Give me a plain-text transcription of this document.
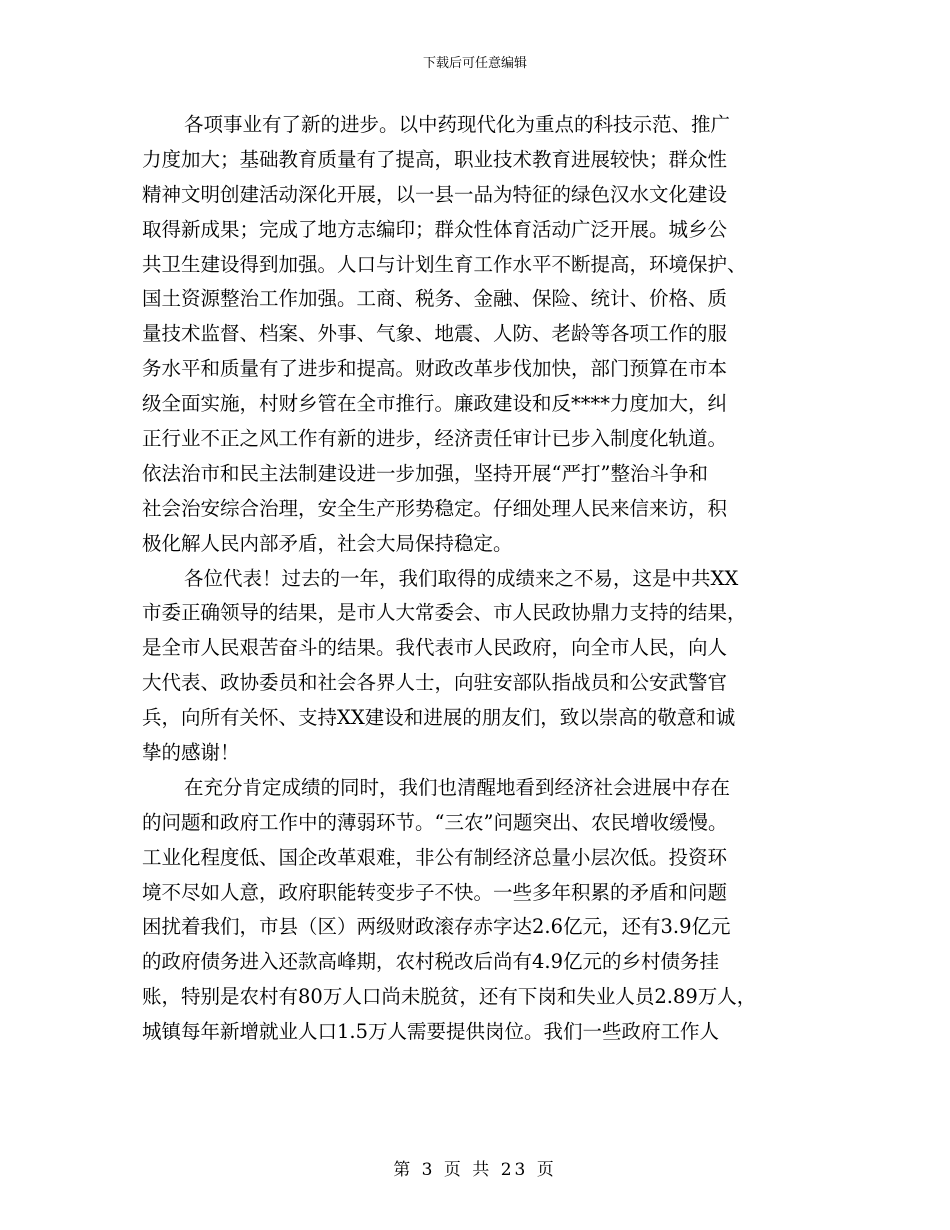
下载后可任意编辑
各项事业有了新的进步。以中药现代化为重点的科技示范、推广
力度加大；基础教育质量有了提高，职业技术教育进展较快；群众性
精神文明创建活动深化开展，以一县一品为特征的绿色汉水文化建设
取得新成果；完成了地方志编印；群众性体育活动广泛开展。城乡公
共卫生建设得到加强。人口与计划生育工作水平不断提高，环境保护、
国土资源整治工作加强。工商、税务、金融、保险、统计、价格、质
量技术监督、档案、外事、气象、地震、人防、老龄等各项工作的服
务水平和质量有了进步和提高。财政改革步伐加快，部门预算在市本
级全面实施，村财乡管在全市推行。廉政建设和反****力度加大，纠
正行业不正之风工作有新的进步，经济责任审计已步入制度化轨道。
依法治市和民主法制建设进一步加强，坚持开展“严打”整治斗争和
社会治安综合治理，安全生产形势稳定。仔细处理人民来信来访，积
极化解人民内部矛盾，社会大局保持稳定。
各位代表！过去的一年，我们取得的成绩来之不易，这是中共XX
市委正确领导的结果，是市人大常委会、市人民政协鼎力支持的结果，
是全市人民艰苦奋斗的结果。我代表市人民政府，向全市人民，向人
大代表、政协委员和社会各界人士，向驻安部队指战员和公安武警官
兵，向所有关怀、支持XX建设和进展的朋友们，致以崇高的敬意和诚
挚的感谢！
在充分肯定成绩的同时，我们也清醒地看到经济社会进展中存在
的问题和政府工作中的薄弱环节。“三农”问题突出、农民增收缓慢。
工业化程度低、国企改革艰难，非公有制经济总量小层次低。投资环
境不尽如人意，政府职能转变步子不快。一些多年积累的矛盾和问题
困扰着我们，市县（区）两级财政滚存赤字达2.6亿元，还有3.9亿元
的政府债务进入还款高峰期，农村税改后尚有4.9亿元的乡村债务挂
账，特别是农村有80万人口尚未脱贫，还有下岗和失业人员2.89万人，
城镇每年新增就业人口1.5万人需要提供岗位。我们一些政府工作人
第 3 页 共 23 页
